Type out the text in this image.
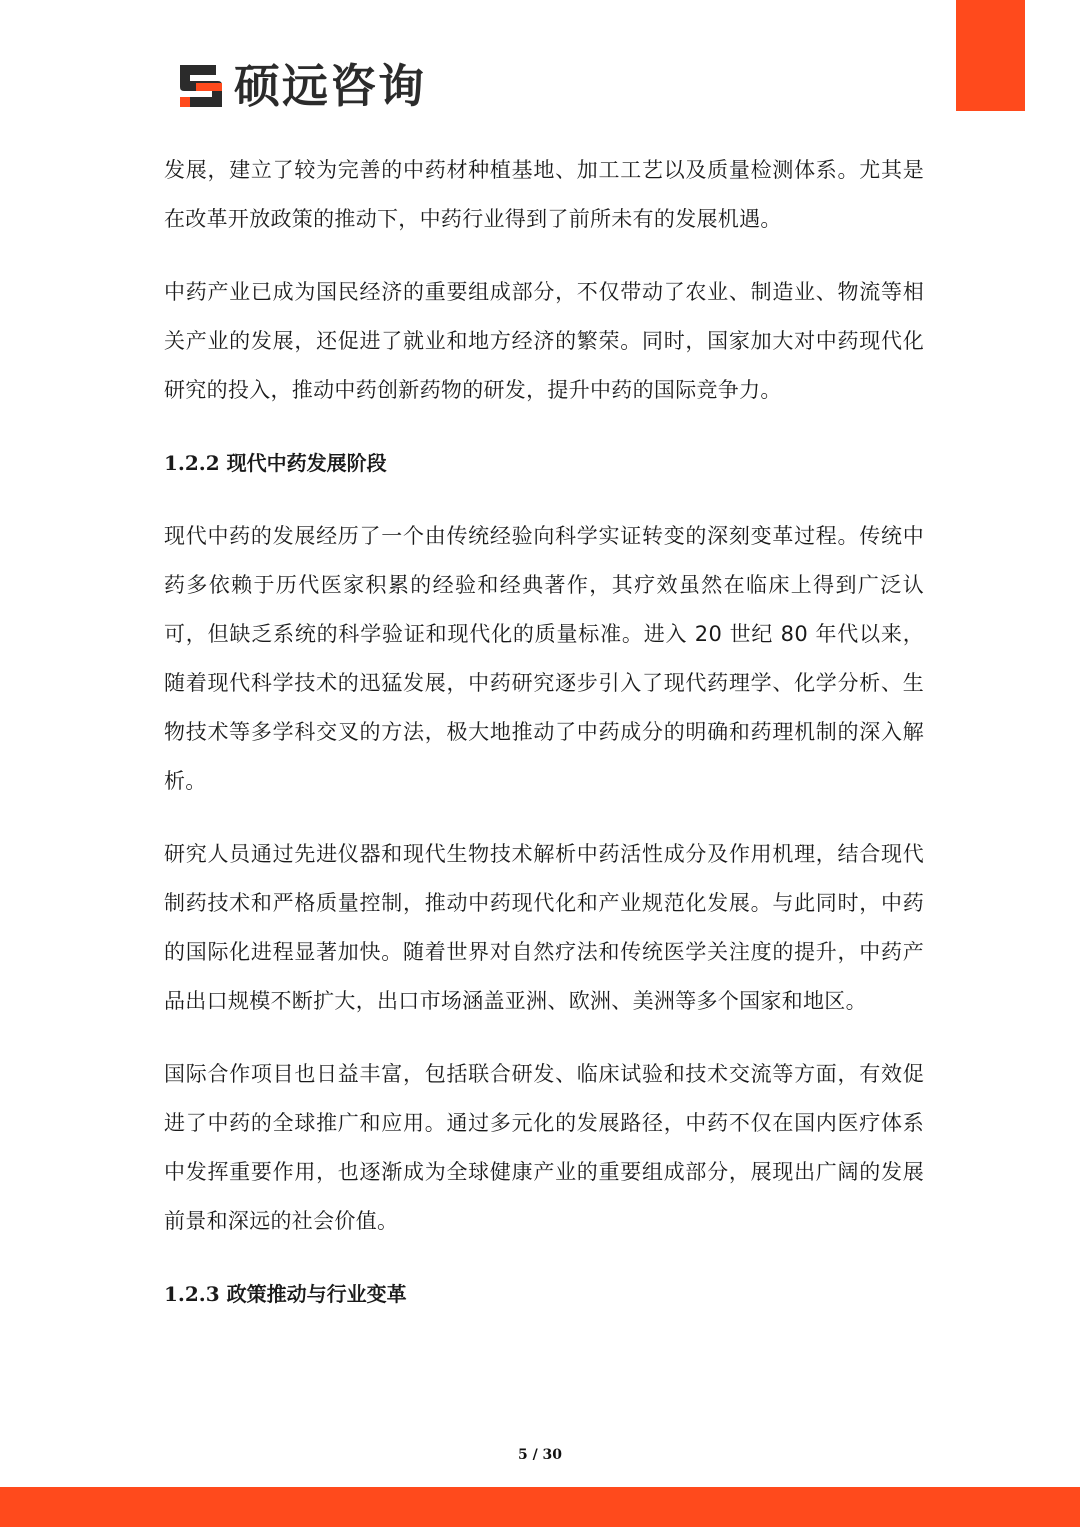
硕远咨询

发展，建立了较为完善的中药材种植基地、加工工艺以及质量检测体系。尤其是在改革开放政策的推动下，中药行业得到了前所未有的发展机遇。

中药产业已成为国民经济的重要组成部分，不仅带动了农业、制造业、物流等相关产业的发展，还促进了就业和地方经济的繁荣。同时，国家加大对中药现代化研究的投入，推动中药创新药物的研发，提升中药的国际竞争力。

1.2.2 现代中药发展阶段

现代中药的发展经历了一个由传统经验向科学实证转变的深刻变革过程。传统中药多依赖于历代医家积累的经验和经典著作，其疗效虽然在临床上得到广泛认可，但缺乏系统的科学验证和现代化的质量标准。进入 20 世纪 80 年代以来，随着现代科学技术的迅猛发展，中药研究逐步引入了现代药理学、化学分析、生物技术等多学科交叉的方法，极大地推动了中药成分的明确和药理机制的深入解析。

研究人员通过先进仪器和现代生物技术解析中药活性成分及作用机理，结合现代制药技术和严格质量控制，推动中药现代化和产业规范化发展。与此同时，中药的国际化进程显著加快。随着世界对自然疗法和传统医学关注度的提升，中药产品出口规模不断扩大，出口市场涵盖亚洲、欧洲、美洲等多个国家和地区。

国际合作项目也日益丰富，包括联合研发、临床试验和技术交流等方面，有效促进了中药的全球推广和应用。通过多元化的发展路径，中药不仅在国内医疗体系中发挥重要作用，也逐渐成为全球健康产业的重要组成部分，展现出广阔的发展前景和深远的社会价值。

1.2.3 政策推动与行业变革
5 / 30
